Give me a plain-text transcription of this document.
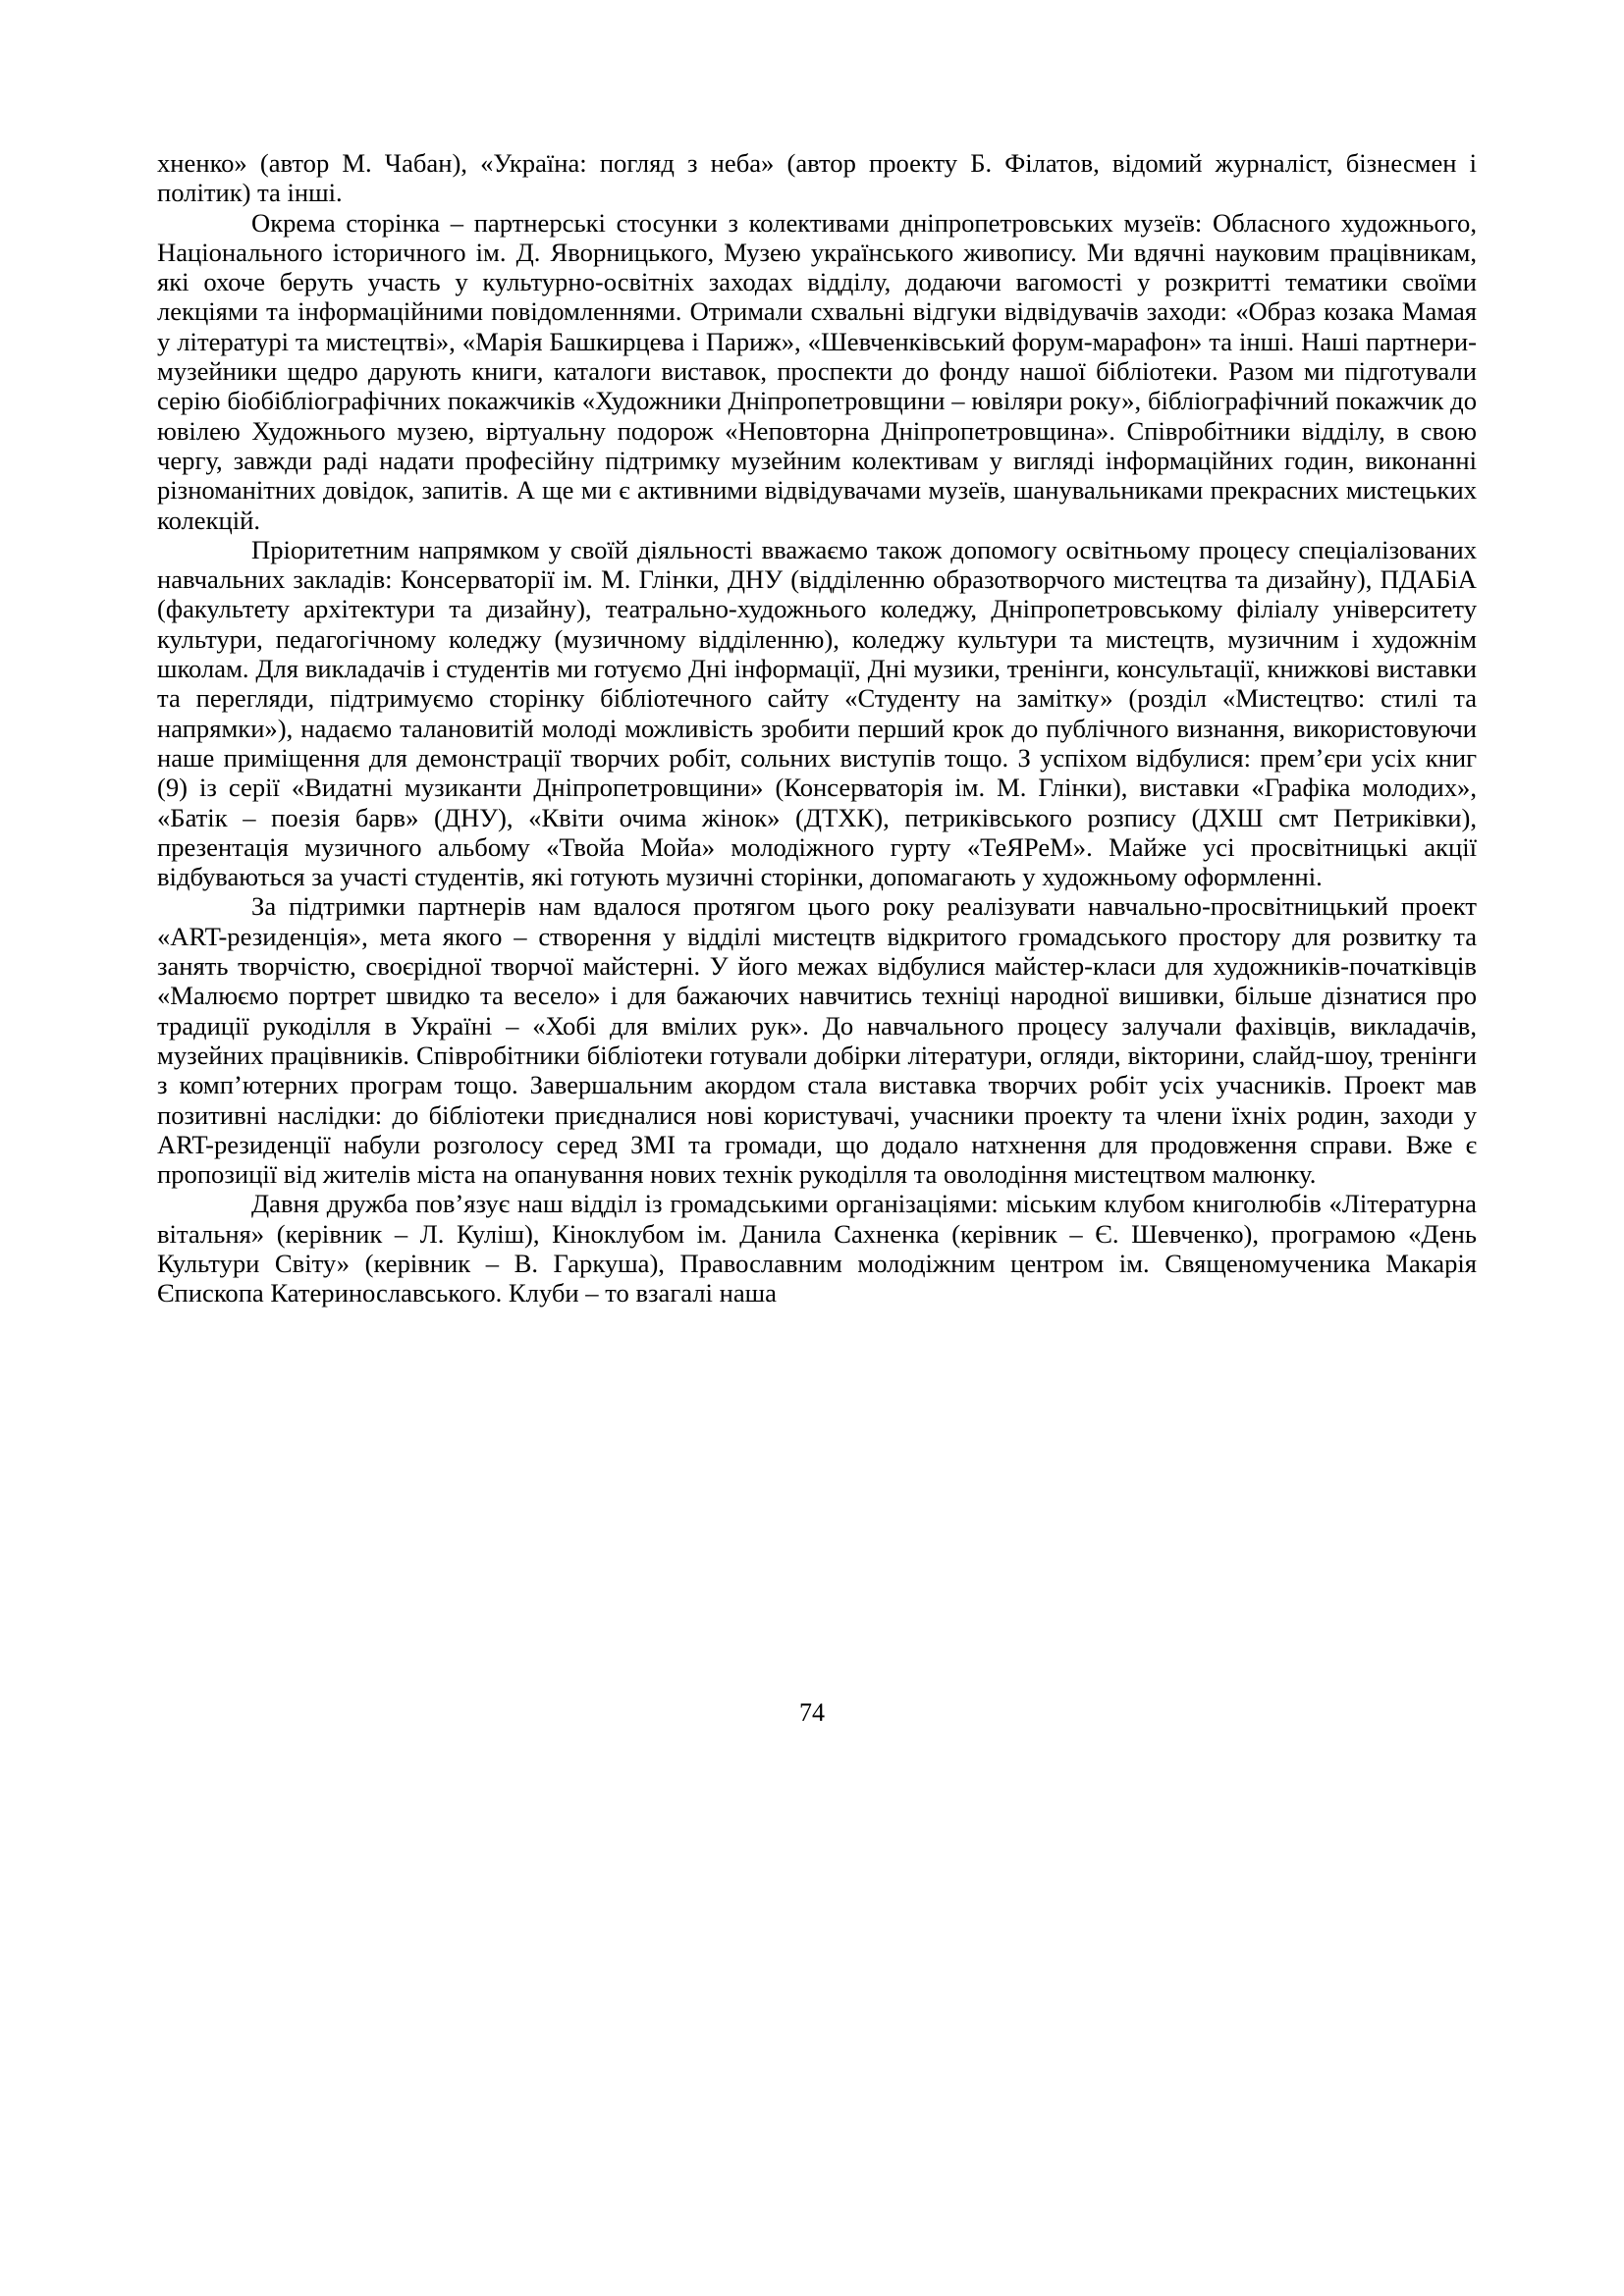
хненко» (автор М. Чабан), «Україна: погляд з неба» (автор проекту Б. Філатов, відомий журналіст, бізнесмен і політик) та інші.

Окрема сторінка – партнерські стосунки з колективами дніпропетровських музеїв: Обласного художнього, Національного історичного ім. Д. Яворницького, Музею українського живопису. Ми вдячні науковим працівникам, які охоче беруть участь у культурно-освітніх заходах відділу, додаючи вагомості у розкритті тематики своїми лекціями та інформаційними повідомленнями. Отримали схвальні відгуки відвідувачів заходи: «Образ козака Мамая у літературі та мистецтві», «Марія Башкирцева і Париж», «Шевченківський форум-марафон» та інші. Наші партнери-музейники щедро дарують книги, каталоги виставок, проспекти до фонду нашої бібліотеки. Разом ми підготували серію біобібліографічних покажчиків «Художники Дніпропетровщини – ювіляри року», бібліографічний покажчик до ювілею Художнього музею, віртуальну подорож «Неповторна Дніпропетровщина». Співробітники відділу, в свою чергу, завжди раді надати професійну підтримку музейним колективам у вигляді інформаційних годин, виконанні різноманітних довідок, запитів. А ще ми є активними відвідувачами музеїв, шанувальниками прекрасних мистецьких колекцій.

Пріоритетним напрямком у своїй діяльності вважаємо також допомогу освітньому процесу спеціалізованих навчальних закладів: Консерваторії ім. М. Глінки, ДНУ (відділенню образотворчого мистецтва та дизайну), ПДАБіА (факультету архітектури та дизайну), театрально-художнього коледжу, Дніпропетровському філіалу університету культури, педагогічному коледжу (музичному відділенню), коледжу культури та мистецтв, музичним і художнім школам. Для викладачів і студентів ми готуємо Дні інформації, Дні музики, тренінги, консультації, книжкові виставки та перегляди, підтримуємо сторінку бібліотечного сайту «Студенту на замітку» (розділ «Мистецтво: стилі та напрямки»), надаємо талановитій молоді можливість зробити перший крок до публічного визнання, використовуючи наше приміщення для демонстрації творчих робіт, сольних виступів тощо. З успіхом відбулися: прем’єри усіх книг (9) із серії «Видатні музиканти Дніпропетровщини» (Консерваторія ім. М. Глінки), виставки «Графіка молодих», «Батік – поезія барв» (ДНУ), «Квіти очима жінок» (ДТХК), петриківського розпису (ДХШ смт Петриківки), презентація музичного альбому «Твойа Мойа» молодіжного гурту «ТеЯРеМ». Майже усі просвітницькі акції відбуваються за участі студентів, які готують музичні сторінки, допомагають у художньому оформленні.

За підтримки партнерів нам вдалося протягом цього року реалізувати навчально-просвітницький проект «ART-резиденція», мета якого – створення у відділі мистецтв відкритого громадського простору для розвитку та занять творчістю, своєрідної творчої майстерні. У його межах відбулися майстер-класи для художників-початківців «Малюємо портрет швидко та весело» і для бажаючих навчитись техніці народної вишивки, більше дізнатися про традиції рукоділля в Україні – «Хобі для вмілих рук». До навчального процесу залучали фахівців, викладачів, музейних працівників. Співробітники бібліотеки готували добірки літератури, огляди, вікторини, слайд-шоу, тренінги з комп’ютерних програм тощо. Завершальним акордом стала виставка творчих робіт усіх учасників. Проект мав позитивні наслідки: до бібліотеки приєдналися нові користувачі, учасники проекту та члени їхніх родин, заходи у ART-резиденції набули розголосу серед ЗМІ та громади, що додало натхнення для продовження справи. Вже є пропозиції від жителів міста на опанування нових технік рукоділля та оволодіння мистецтвом малюнку.

Давня дружба пов’язує наш відділ із громадськими організаціями: міським клубом книголюбів «Літературна вітальня» (керівник – Л. Куліш), Кіноклубом ім. Данила Сахненка (керівник – Є. Шевченко), програмою «День Культури Світу» (керівник – В. Гаркуша), Православним молодіжним центром ім. Священомученика Макарія Єпископа Катеринославського. Клуби – то взагалі наша

74
